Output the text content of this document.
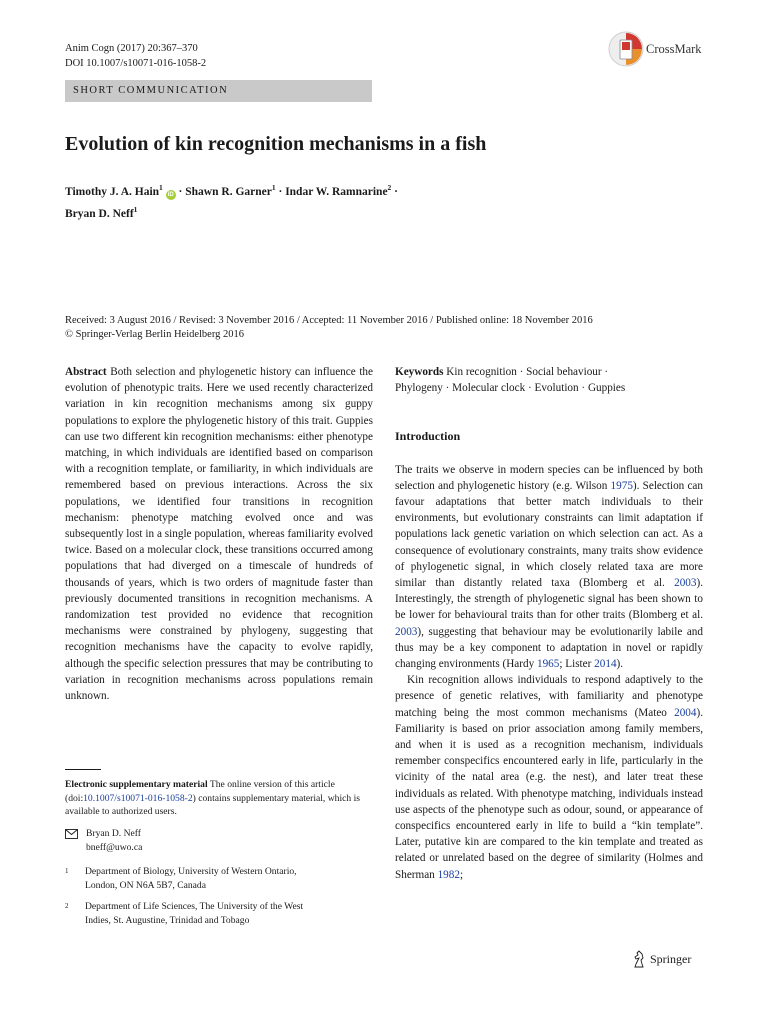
Anim Cogn (2017) 20:367–370
DOI 10.1007/s10071-016-1058-2
CrossMark
SHORT COMMUNICATION
Evolution of kin recognition mechanisms in a fish
Timothy J. A. Hain$^1$ iD · Shawn R. Garner$^1$ · Indar W. Ramnarine$^2$ ·
Bryan D. Neff$^1$
Received: 3 August 2016 / Revised: 3 November 2016 / Accepted: 11 November 2016 / Published online: 18 November 2016
© Springer-Verlag Berlin Heidelberg 2016

Abstract Both selection and phylogenetic history can influence the evolution of phenotypic traits. Here we used recently characterized variation in kin recognition mechanisms among six guppy populations to explore the phylogenetic history of this trait. Guppies can use two different kin recognition mechanisms: either phenotype matching, in which individuals are identified based on comparison with a recognition template, or familiarity, in which individuals are remembered based on previous interactions. Across the six populations, we identified four transitions in recognition mechanism: phenotype matching evolved once and was subsequently lost in a single population, whereas familiarity evolved twice. Based on a molecular clock, these transitions occurred among populations that had diverged on a timescale of hundreds of thousands of years, which is two orders of magnitude faster than previously documented transitions in recognition mechanisms. A randomization test provided no evidence that recognition mechanisms were constrained by phylogeny, suggesting that recognition mechanisms have the capacity to evolve rapidly, although the specific selection pressures that may be contributing to variation in recognition mechanisms across populations remain unknown.

Keywords Kin recognition · Social behaviour ·

Phylogeny · Molecular clock · Evolution · Guppies

Introduction

The traits we observe in modern species can be influenced by both selection and phylogenetic history (e.g. Wilson 1975). Selection can favour adaptations that better match individuals to their environments, but evolutionary constraints can limit adaptation if populations lack genetic variation on which selection can act. As a consequence of evolutionary constraints, many traits show evidence of phylogenetic signal, in which closely related taxa are more similar than distantly related taxa (Blomberg et al. 2003). Interestingly, the strength of phylogenetic signal has been shown to be lower for behavioural traits than for other traits (Blomberg et al. 2003), suggesting that behaviour may be evolutionarily labile and thus may be a key component to adaptation in novel or rapidly changing environments (Hardy 1965; Lister 2014).

Kin recognition allows individuals to respond adaptively to the presence of genetic relatives, with familiarity and phenotype matching being the most common mechanisms (Mateo 2004). Familiarity is based on prior association among family members, and when it is used as a recognition mechanism, individuals remember conspecifics encountered early in life, particularly in the vicinity of the natal area (e.g. the nest), and later treat these individuals as related. With phenotype matching, individuals instead use aspects of the phenotype such as odour, sound, or appearance of conspecifics encountered early in life to build a “kin template”. Later, putative kin are compared to the kin template and treated as related or unrelated based on the degree of similarity (Holmes and Sherman 1982;

Electronic supplementary material The online version of this article (doi:10.1007/s10071-016-1058-2) contains supplementary material, which is available to authorized users.
Bryan D. Neff
bneff@uwo.ca
1	Department of Biology, University of Western Ontario,
London, ON N6A 5B7, Canada
2	Department of Life Sciences, The University of the West
Indies, St. Augustine, Trinidad and Tobago
Springer
